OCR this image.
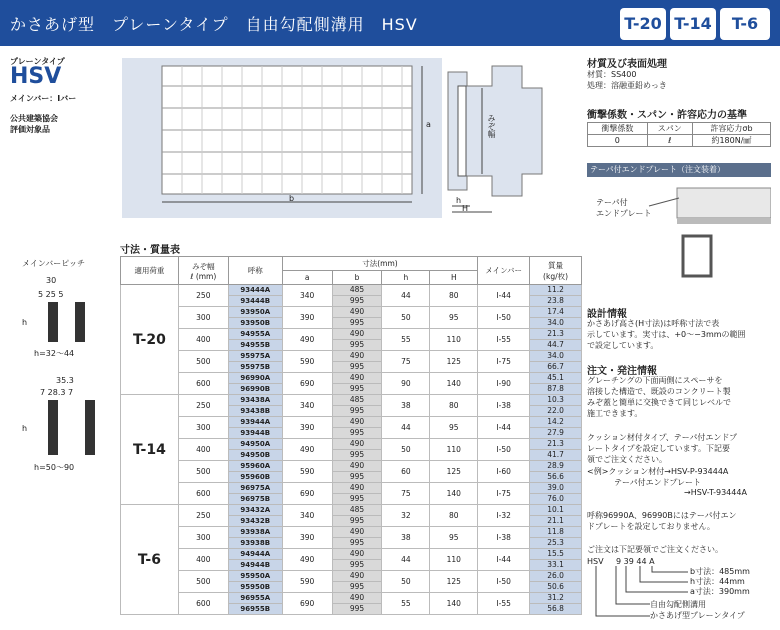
かさあげ型　プレーンタイプ　自由勾配側溝用　HSV	T-20 T-14	T-6
プレーンタイプ
HSV
メインバー：Iバー
公共建築協会
評価対象品
b
a	みぞ幅
h
H
メインバーピッチ
30
5 25 5
h
h=32〜44
35.3
7 28.3 7
h
h=50〜90
寸法・質量表
適用荷重	みぞ幅
ℓ (mm)	呼称	寸法(mm)				メインバー	質量
(kg/枚)
			a	b	h	H		
T-20	250	93444A	340	485	44	80	I-44	11.2
		93444B		995				23.8
	300	93950A	390	490	50	95	I-50	17.4
		93950B		995				34.0
	400	94955A	490	490	55	110	I-55	21.3
		94955B		995				44.7
	500	95975A	590	490	75	125	I-75	34.0
		95975B		995				66.7
	600	96990A	690	490	90	140	I-90	45.1
		96990B		995				87.8
T-14	250	93438A	340	485	38	80	I-38	10.3
		93438B		995				22.0
	300	93944A	390	490	44	95	I-44	14.2
		93944B		995				27.9
	400	94950A	490	490	50	110	I-50	21.3
		94950B		995				41.7
	500	95960A	590	490	60	125	I-60	28.9
		95960B		995				56.6
	600	96975A	690	490	75	140	I-75	39.0
		96975B		995				76.0
T-6	250	93432A	340	485	32	80	I-32	10.1
		93432B		995				21.1
	300	93938A	390	490	38	95	I-38	11.8
		93938B		995				25.3
	400	94944A	490	490	44	110	I-44	15.5
		94944B		995				33.1
	500	95950A	590	490	50	125	I-50	26.0
		95950B		995				50.6
	600	96955A	690	490	55	140	I-55	31.2
		96955B		995				56.8
材質及び表面処理
材質：SS400
処理：溶融亜鉛めっき
衝撃係数・スパン・許容応力の基準
衝撃係数	スパン	許容応力σb
0	ℓ	約180N/㎟
テーパ付エンドプレート（注文装着）
テーパ付
エンドプレート
設計情報
かさあげ高さ(H寸法)は呼称寸法で表
示しています。実寸は、+0〜−3mmの範囲
で設定しています。
注文・発注情報
グレーチングの下面両側にスペーサを
溶接した構造で、既設のコンクリート製
みぞ蓋と簡単に交換できて同じレベルで
施工できます。
クッション材付タイプ、テーパ付エンドプ
レートタイプを設定しています。下記要
領でご注文ください。
<例>クッション材付→HSV-P-93444A
テーパ付エンドプレート
→HSV-T-93444A
呼称96990A、96990Bにはテーパ付エン
ドプレートを設定しておりません。
ご注文は下記要領でご注文ください。
HSV 9 39 44 A
b寸法：485mm
h寸法：44mm
a寸法：390mm
自由勾配側溝用
かさあげ型プレーンタイプ
